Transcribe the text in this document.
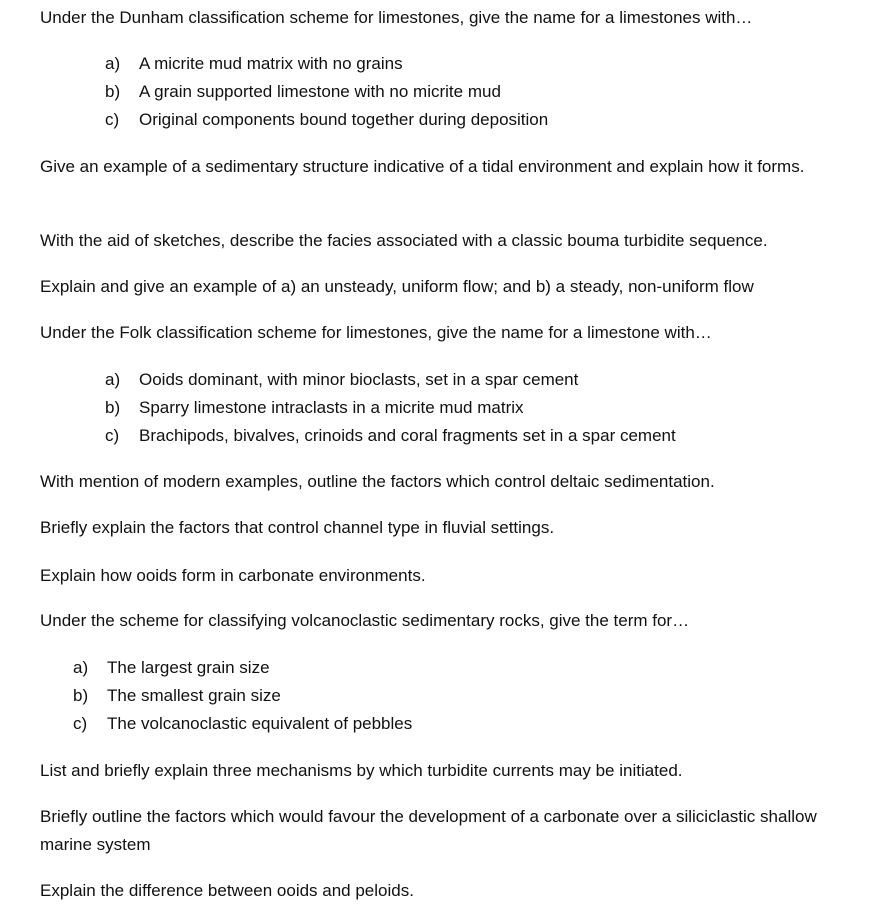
Under the Dunham classification scheme for limestones, give the name for a limestones with…

a) A micrite mud matrix with no grains
b) A grain supported limestone with no micrite mud
c) Original components bound together during deposition

Give an example of a sedimentary structure indicative of a tidal environment and explain how it forms.

With the aid of sketches, describe the facies associated with a classic bouma turbidite sequence.

Explain and give an example of a) an unsteady, uniform flow; and b) a steady, non-uniform flow

Under the Folk classification scheme for limestones, give the name for a limestone with…

a) Ooids dominant, with minor bioclasts, set in a spar cement
b) Sparry limestone intraclasts in a micrite mud matrix
c) Brachipods, bivalves, crinoids and coral fragments set in a spar cement

With mention of modern examples, outline the factors which control deltaic sedimentation.

Briefly explain the factors that control channel type in fluvial settings.

Explain how ooids form in carbonate environments.

Under the scheme for classifying volcanoclastic sedimentary rocks, give the term for…

a) The largest grain size
b) The smallest grain size
c) The volcanoclastic equivalent of pebbles

List and briefly explain three mechanisms by which turbidite currents may be initiated.

Briefly outline the factors which would favour the development of a carbonate over a siliciclastic shallow marine system

Explain the difference between ooids and peloids.
